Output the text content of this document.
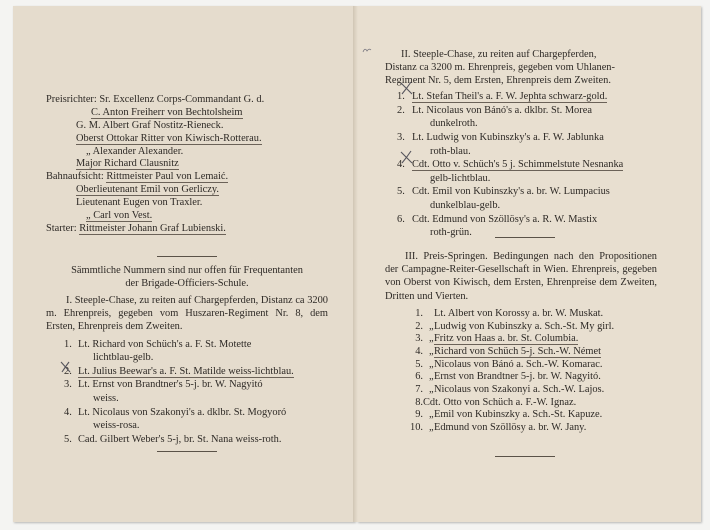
Preisrichter: Sr. Excellenz Corps-Commandant G. d.
C. Anton Freiherr von Bechtolsheim
G. M. Albert Graf Nostitz-Rieneck.
Oberst Ottokar Ritter von Kiwisch-Rotterau.
„ Alexander Alexander.
Major Richard Clausnitz
Bahnaufsicht: Rittmeister Paul von Lemaić.
Oberlieutenant Emil von Gerliczy.
Lieutenant Eugen von Traxler.
„ Carl von Vest.
Starter: Rittmeister Johann Graf Lubienski.
Sämmtliche Nummern sind nur offen für Frequentanten
der Brigade-Officiers-Schule.
I. Steeple-Chase, zu reiten auf Chargepferden, Distanz ca 3200 m. Ehrenpreis, gegeben vom Huszaren-Regiment Nr. 8, dem Ersten, Ehrenpreis dem Zweiten.
1. Lt. Richard von Schüch's a. F. St. Motette
lichtblau-gelb.
2. Lt. Julius Beewar's a. F. St. Matilde weiss-lichtblau.
3. Lt. Ernst von Brandtner's 5-j. br. W. Nagyitó
weiss.
4. Lt. Nicolaus von Szakonyi's a. dklbr. St. Mogyoró
weiss-rosa.
5. Cad. Gilbert Weber's 5-j, br. St. Nana weiss-roth.
II. Steeple-Chase, zu reiten auf Chargepferden,
Distanz ca 3200 m. Ehrenpreis, gegeben vom Uhlanen-
Regiment Nr. 5, dem Ersten, Ehrenpreis dem Zweiten.
1. Lt. Stefan Theil's a. F. W. Jephta schwarz-gold.
2. Lt. Nicolaus von Bánó's a. dklbr. St. Morea
dunkelroth.
3. Lt. Ludwig von Kubinszky's a. F. W. Jablunka
roth-blau.
4. Cdt. Otto v. Schüch's 5 j. Schimmelstute Nesnanka
gelb-lichtblau.
5. Cdt. Emil von Kubinszky's a. br. W. Lumpacius
dunkelblau-gelb.
6. Cdt. Edmund von Szöllösy's a. R. W. Mastix
roth-grün.
III. Preis-Springen. Bedingungen nach den Propositionen der Campagne-Reiter-Gesellschaft in Wien. Ehrenpreis, gegeben von Oberst von Kiwisch, dem Ersten, Ehrenpreise dem Zweiten, Dritten und Vierten.
1. Lt. Albert von Korossy a. br. W. Muskat.
2. „ Ludwig von Kubinszky a. Sch.-St. My girl.
3. „ Fritz von Haas a. br. St. Columbia.
4. „ Richard von Schüch 5-j. Sch.-W. Német
5. „ Nicolaus von Bánó a. Sch.-W. Komarac.
6. „ Ernst von Brandtner 5-j. br. W. Nagyitó.
7. „ Nicolaus von Szakonyi a. Sch.-W. Lajos.
8. Cdt. Otto von Schüch a. F.-W. Ignaz.
9. „ Emil von Kubinszky a. Sch.-St. Kapuze.
10. „ Edmund von Szöllösy a. br. W. Jany.
